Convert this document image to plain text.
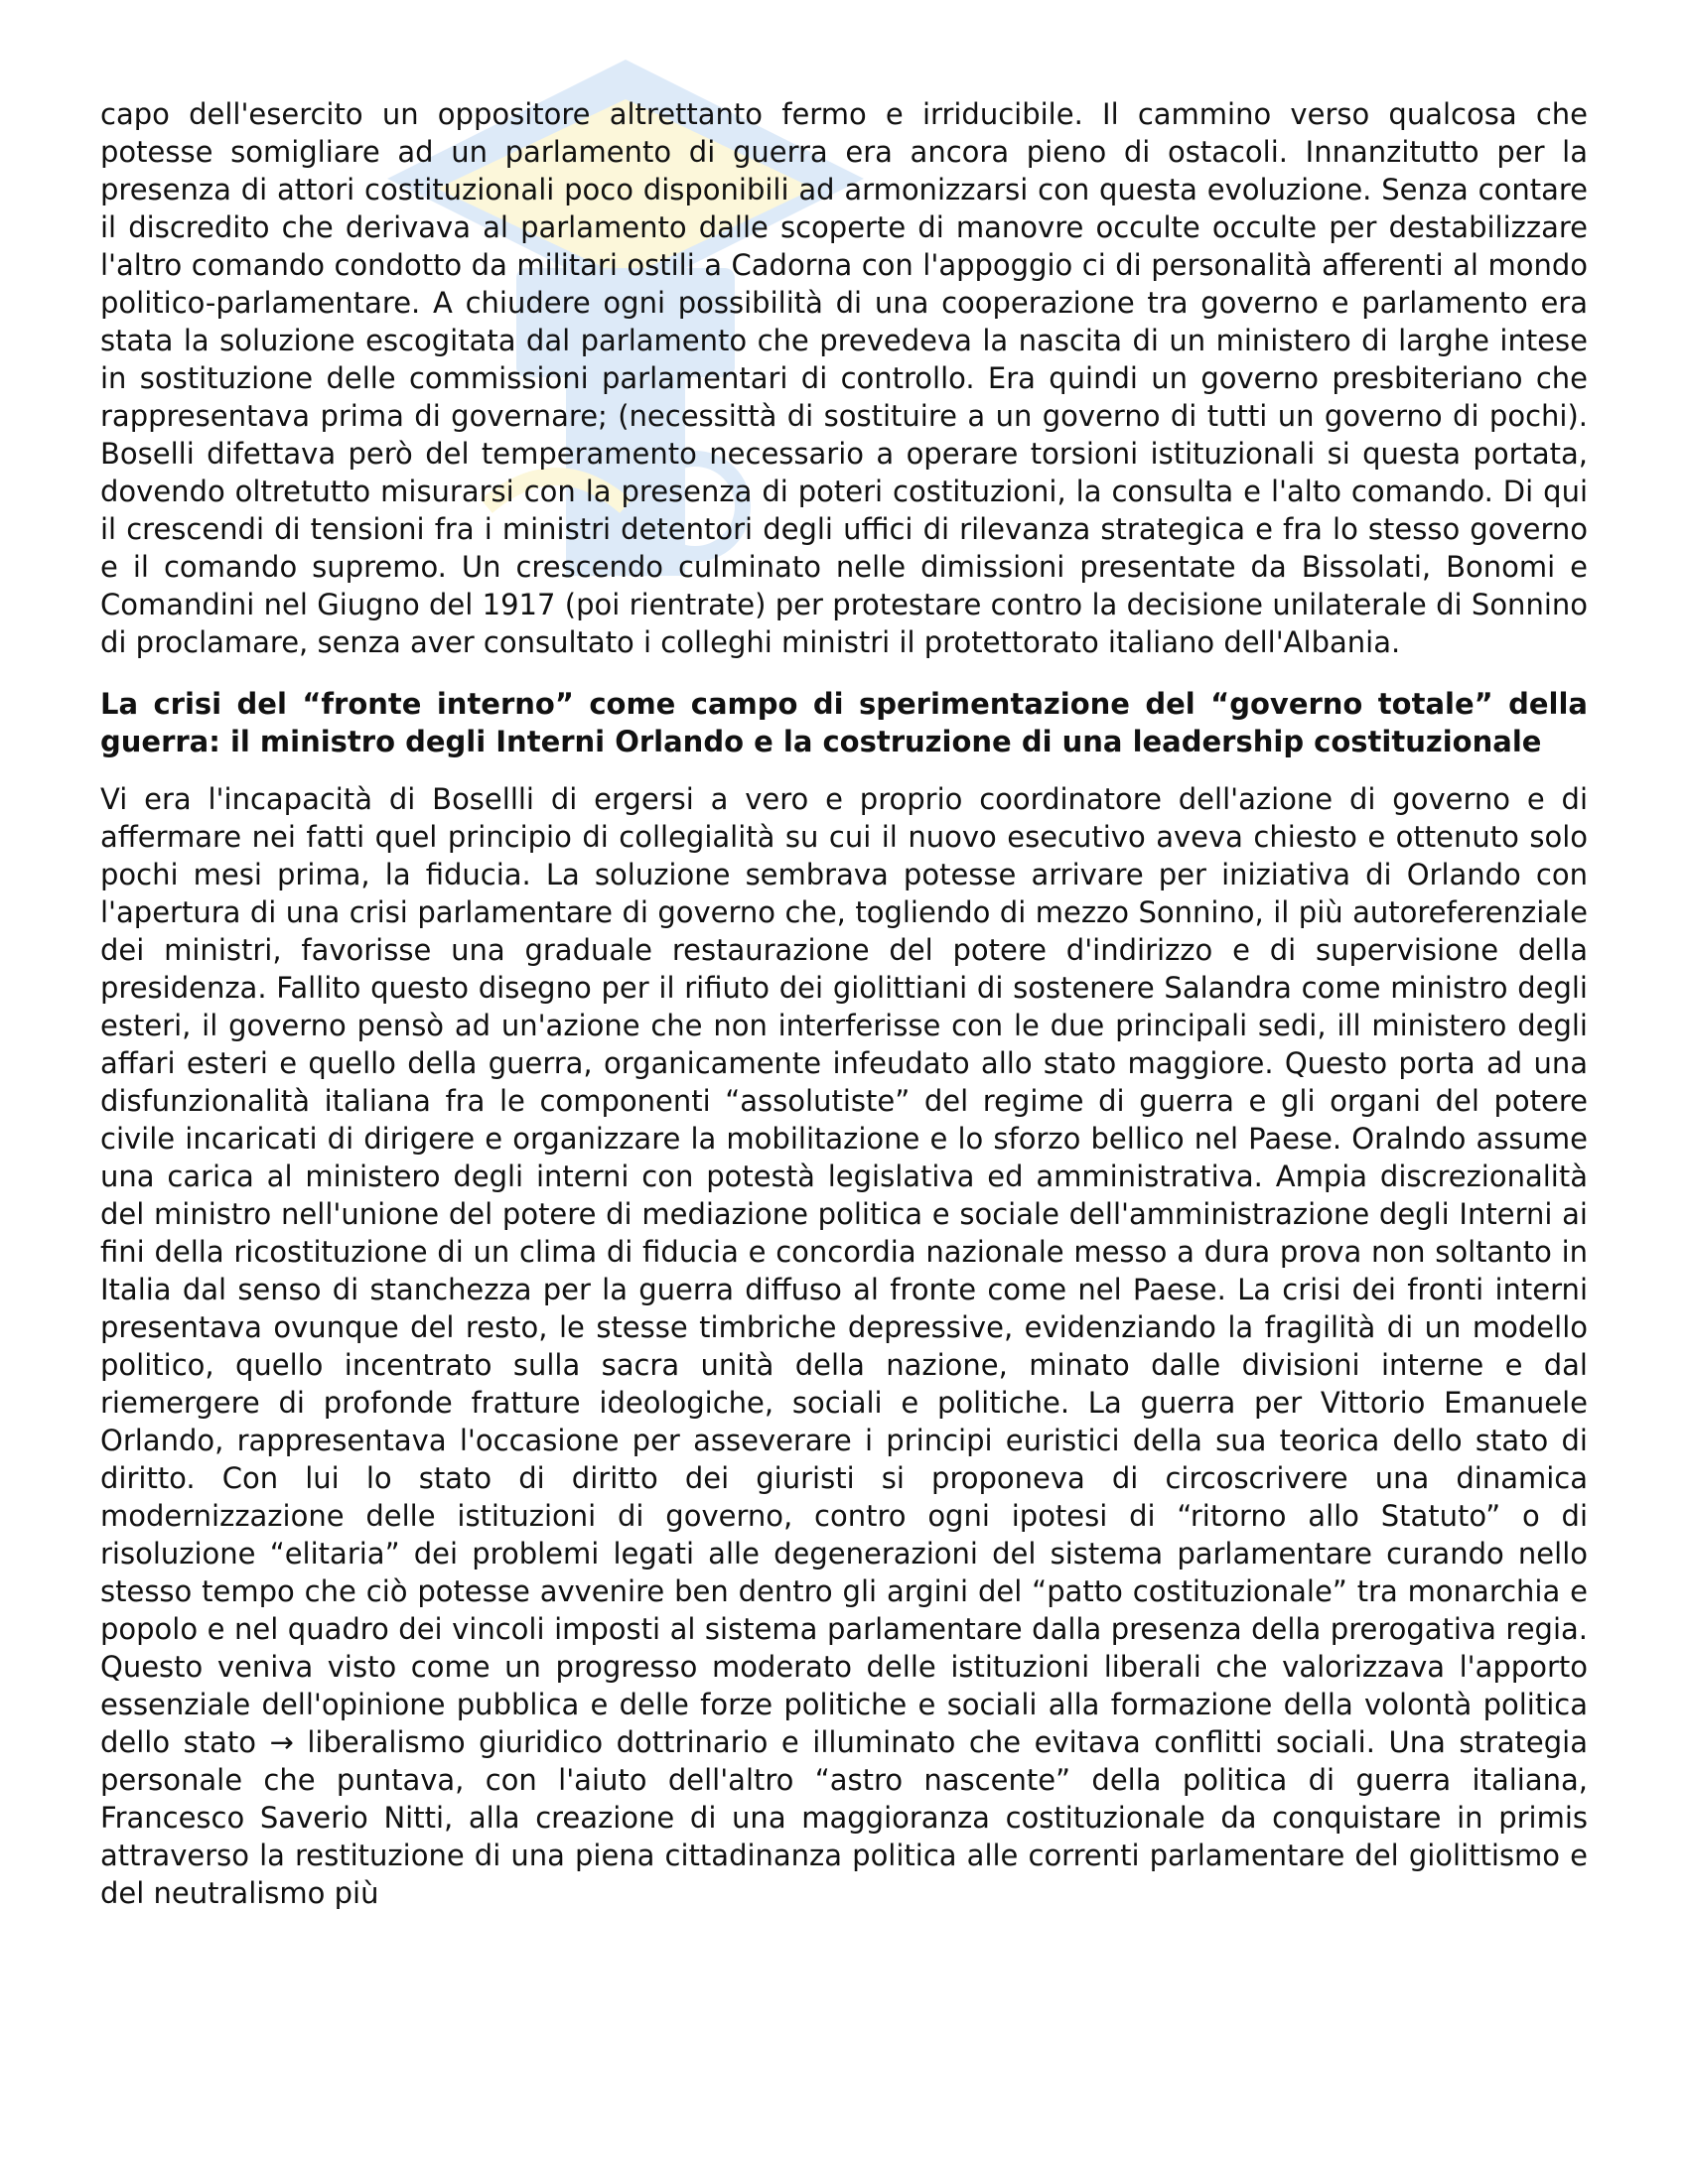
capo dell'esercito un oppositore altrettanto fermo e irriducibile. Il cammino verso qualcosa che potesse somigliare ad un parlamento di guerra era ancora pieno di ostacoli. Innanzitutto per la presenza di attori costituzionali poco disponibili ad armonizzarsi con questa evoluzione. Senza contare il discredito che derivava al parlamento dalle scoperte di manovre occulte occulte per destabilizzare l'altro comando condotto da militari ostili a Cadorna con l'appoggio ci di personalità afferenti al mondo politico-parlamentare. A chiudere ogni possibilità di una cooperazione tra governo e parlamento era stata la soluzione escogitata dal parlamento che prevedeva la nascita di un ministero di larghe intese in sostituzione delle commissioni parlamentari di controllo. Era quindi un governo presbiteriano che rappresentava prima di governare; (necessittà di sostituire a un governo di tutti un governo di pochi). Boselli difettava però del temperamento necessario a operare torsioni istituzionali si questa portata, dovendo oltretutto misurarsi con la presenza di poteri costituzioni, la consulta e l'alto comando. Di qui il crescendi di tensioni fra i ministri detentori degli uffici di rilevanza strategica e fra lo stesso governo e il comando supremo. Un crescendo culminato nelle dimissioni presentate da Bissolati, Bonomi e Comandini nel Giugno del 1917 (poi rientrate) per protestare contro la decisione unilaterale di Sonnino di proclamare, senza aver consultato i colleghi ministri il protettorato italiano dell'Albania.

La crisi del “fronte interno” come campo di sperimentazione del “governo totale” della guerra: il ministro degli Interni Orlando e la costruzione di una leadership costituzionale

Vi era l'incapacità di Bosellli di ergersi a vero e proprio coordinatore dell'azione di governo e di affermare nei fatti quel principio di collegialità su cui il nuovo esecutivo aveva chiesto e ottenuto solo pochi mesi prima, la fiducia. La soluzione sembrava potesse arrivare per iniziativa di Orlando con l'apertura di una crisi parlamentare di governo che, togliendo di mezzo Sonnino, il più autoreferenziale dei ministri, favorisse una graduale restaurazione del potere d'indirizzo e di supervisione della presidenza. Fallito questo disegno per il rifiuto dei giolittiani di sostenere Salandra come ministro degli esteri, il governo pensò ad un'azione che non interferisse con le due principali sedi, ill ministero degli affari esteri e quello della guerra, organicamente infeudato allo stato maggiore. Questo porta ad una disfunzionalità italiana fra le componenti “assolutiste” del regime di guerra e gli organi del potere civile incaricati di dirigere e organizzare la mobilitazione e lo sforzo bellico nel Paese. Oralndo assume una carica al ministero degli interni con potestà legislativa ed amministrativa. Ampia discrezionalità del ministro nell'unione del potere di mediazione politica e sociale dell'amministrazione degli Interni ai fini della ricostituzione di un clima di fiducia e concordia nazionale messo a dura prova non soltanto in Italia dal senso di stanchezza per la guerra diffuso al fronte come nel Paese. La crisi dei fronti interni presentava ovunque del resto, le stesse timbriche depressive, evidenziando la fragilità di un modello politico, quello incentrato sulla sacra unità della nazione, minato dalle divisioni interne e dal riemergere di profonde fratture ideologiche, sociali e politiche. La guerra per Vittorio Emanuele Orlando, rappresentava l'occasione per asseverare i principi euristici della sua teorica dello stato di diritto. Con lui lo stato di diritto dei giuristi si proponeva di circoscrivere una dinamica modernizzazione delle istituzioni di governo, contro ogni ipotesi di “ritorno allo Statuto” o di risoluzione “elitaria” dei problemi legati alle degenerazioni del sistema parlamentare curando nello stesso tempo che ciò potesse avvenire ben dentro gli argini del “patto costituzionale” tra monarchia e popolo e nel quadro dei vincoli imposti al sistema parlamentare dalla presenza della prerogativa regia. Questo veniva visto come un progresso moderato delle istituzioni liberali che valorizzava l'apporto essenziale dell'opinione pubblica e delle forze politiche e sociali alla formazione della volontà politica dello stato → liberalismo giuridico dottrinario e illuminato che evitava conflitti sociali. Una strategia personale che puntava, con l'aiuto dell'altro “astro nascente” della politica di guerra italiana, Francesco Saverio Nitti, alla creazione di una maggioranza costituzionale da conquistare in primis attraverso la restituzione di una piena cittadinanza politica alle correnti parlamentare del giolittismo e del neutralismo più
